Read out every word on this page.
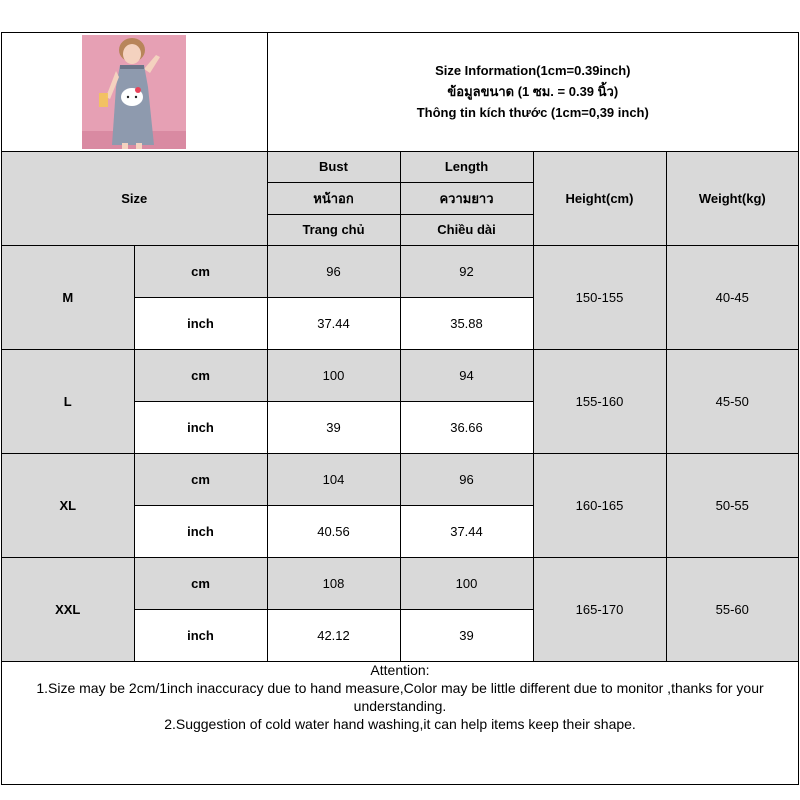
Size Information(1cm=0.39inch)
ข้อมูลขนาด (1 ซม. = 0.39 นิ้ว)
Thông tin kích thước (1cm=0,39 inch)			

Size		Bust	Length	Height(cm)	Weight(kg)
		หน้าอก	ความยาว		
		Trang chủ	Chiều dài		
M	cm	96	92	150-155	40-45
	inch	37.44	35.88		
L	cm	100	94	155-160	45-50
	inch	39	36.66		
XL	cm	104	96	160-165	50-55
	inch	40.56	37.44		
XXL	cm	108	100	165-170	55-60
	inch	42.12	39		
Attention:
1.Size may be 2cm/1inch inaccuracy due to hand measure,Color may be little different due to monitor ,thanks for your understanding.
2.Suggestion of cold water hand washing,it can help items keep their shape.
